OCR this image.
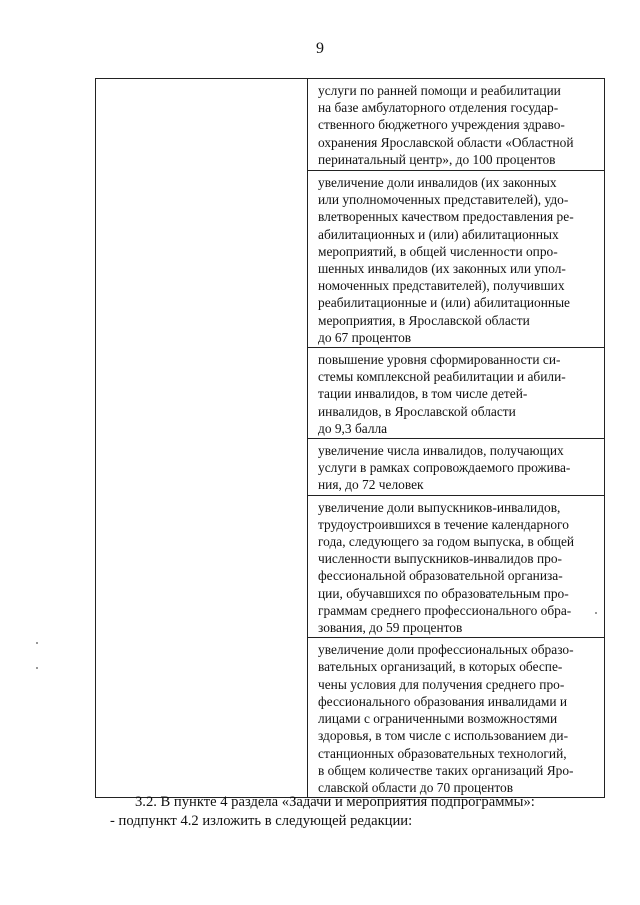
9

услуги по ранней помощи и реабилитации
на базе амбулаторного отделения государ-
ственного бюджетного учреждения здраво-
охранения Ярославской области «Областной
перинатальный центр», до 100 процентов

увеличение доли инвалидов (их законных
или уполномоченных представителей), удо-
влетворенных качеством предоставления ре-
абилитационных и (или) абилитационных
мероприятий, в общей численности опро-
шенных инвалидов (их законных или упол-
номоченных представителей), получивших
реабилитационные и (или) абилитационные
мероприятия, в Ярославской области
до 67 процентов

повышение уровня сформированности си-
стемы комплексной реабилитации и абили-
тации инвалидов, в том числе детей-
инвалидов, в Ярославской области
до 9,3 балла

увеличение числа инвалидов, получающих
услуги в рамках сопровождаемого прожива-
ния, до 72 человек

увеличение доли выпускников-инвалидов,
трудоустроившихся в течение календарного
года, следующего за годом выпуска, в общей
численности выпускников-инвалидов про-
фессиональной образовательной организа-
ции, обучавшихся по образовательным про-
граммам среднего профессионального обра-
зования, до 59 процентов

увеличение доли профессиональных образо-
вательных организаций, в которых обеспе-
чены условия для получения среднего про-
фессионального образования инвалидами и
лицами с ограниченными возможностями
здоровья, в том числе с использованием ди-
станционных образовательных технологий,
в общем количестве таких организаций Яро-
славской области до 70 процентов
3.2. В пункте 4 раздела «Задачи и мероприятия подпрограммы»:
- подпункт 4.2 изложить в следующей редакции:
